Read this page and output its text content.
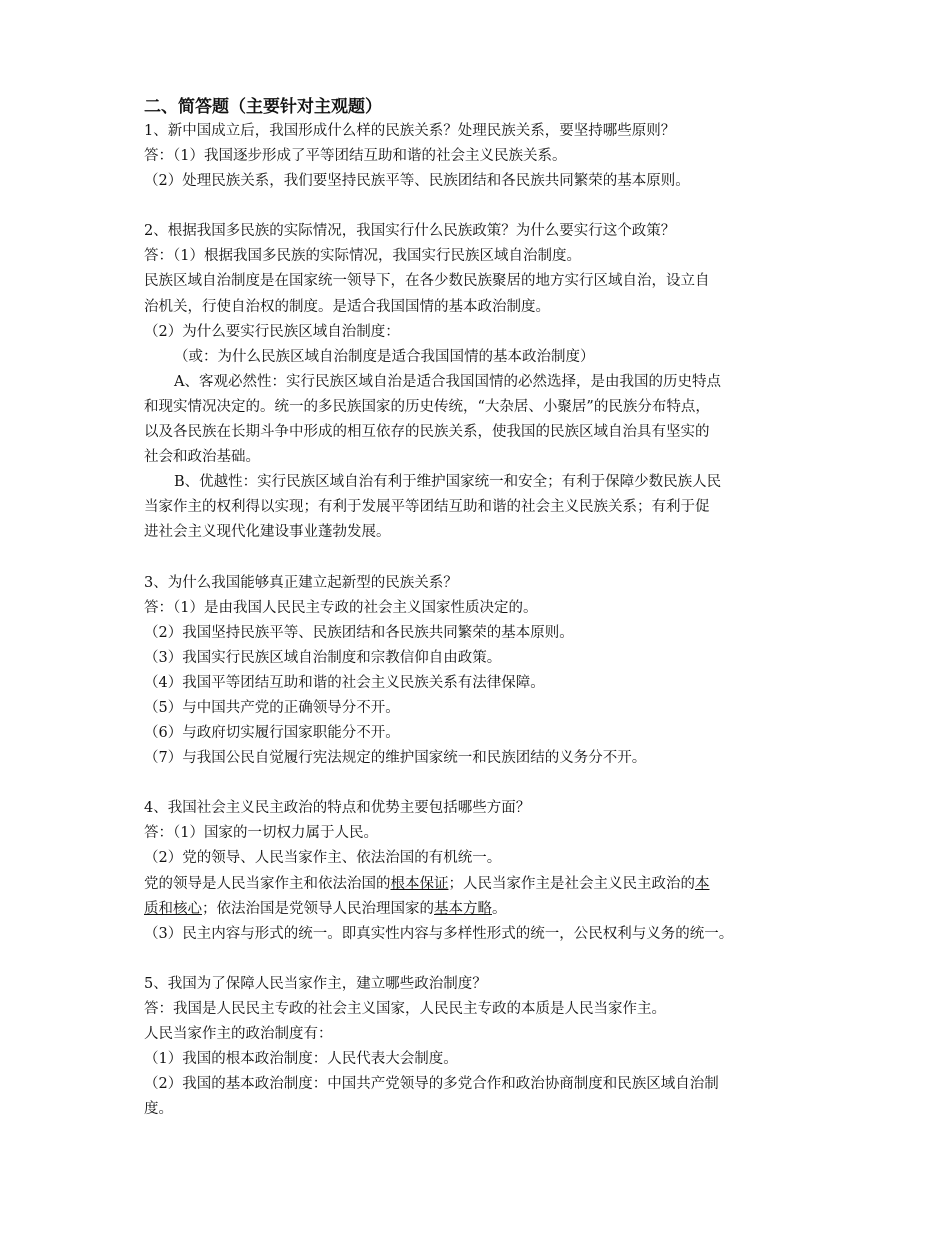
二、简答题（主要针对主观题）

1、新中国成立后，我国形成什么样的民族关系？处理民族关系，要坚持哪些原则？

答：（1）我国逐步形成了平等团结互助和谐的社会主义民族关系。

（2）处理民族关系，我们要坚持民族平等、民族团结和各民族共同繁荣的基本原则。

2、根据我国多民族的实际情况，我国实行什么民族政策？为什么要实行这个政策？

答：（1）根据我国多民族的实际情况，我国实行民族区域自治制度。

民族区域自治制度是在国家统一领导下，在各少数民族聚居的地方实行区域自治，设立自

治机关，行使自治权的制度。是适合我国国情的基本政治制度。

（2）为什么要实行民族区域自治制度：

（或：为什么民族区域自治制度是适合我国国情的基本政治制度）

A、客观必然性：实行民族区域自治是适合我国国情的必然选择，是由我国的历史特点

和现实情况决定的。统一的多民族国家的历史传统，“大杂居、小聚居”的民族分布特点，

以及各民族在长期斗争中形成的相互依存的民族关系，使我国的民族区域自治具有坚实的

社会和政治基础。

B、优越性：实行民族区域自治有利于维护国家统一和安全；有利于保障少数民族人民

当家作主的权利得以实现；有利于发展平等团结互助和谐的社会主义民族关系；有利于促

进社会主义现代化建设事业蓬勃发展。

3、为什么我国能够真正建立起新型的民族关系？

答：（1）是由我国人民民主专政的社会主义国家性质决定的。

（2）我国坚持民族平等、民族团结和各民族共同繁荣的基本原则。

（3）我国实行民族区域自治制度和宗教信仰自由政策。

（4）我国平等团结互助和谐的社会主义民族关系有法律保障。

（5）与中国共产党的正确领导分不开。

（6）与政府切实履行国家职能分不开。

（7）与我国公民自觉履行宪法规定的维护国家统一和民族团结的义务分不开。

4、我国社会主义民主政治的特点和优势主要包括哪些方面？

答：（1）国家的一切权力属于人民。

（2）党的领导、人民当家作主、依法治国的有机统一。

党的领导是人民当家作主和依法治国的根本保证；人民当家作主是社会主义民主政治的本

质和核心；依法治国是党领导人民治理国家的基本方略。

（3）民主内容与形式的统一。即真实性内容与多样性形式的统一，公民权利与义务的统一。

5、我国为了保障人民当家作主，建立哪些政治制度？

答：我国是人民民主专政的社会主义国家，人民民主专政的本质是人民当家作主。

人民当家作主的政治制度有：

（1）我国的根本政治制度：人民代表大会制度。

（2）我国的基本政治制度：中国共产党领导的多党合作和政治协商制度和民族区域自治制

度。
